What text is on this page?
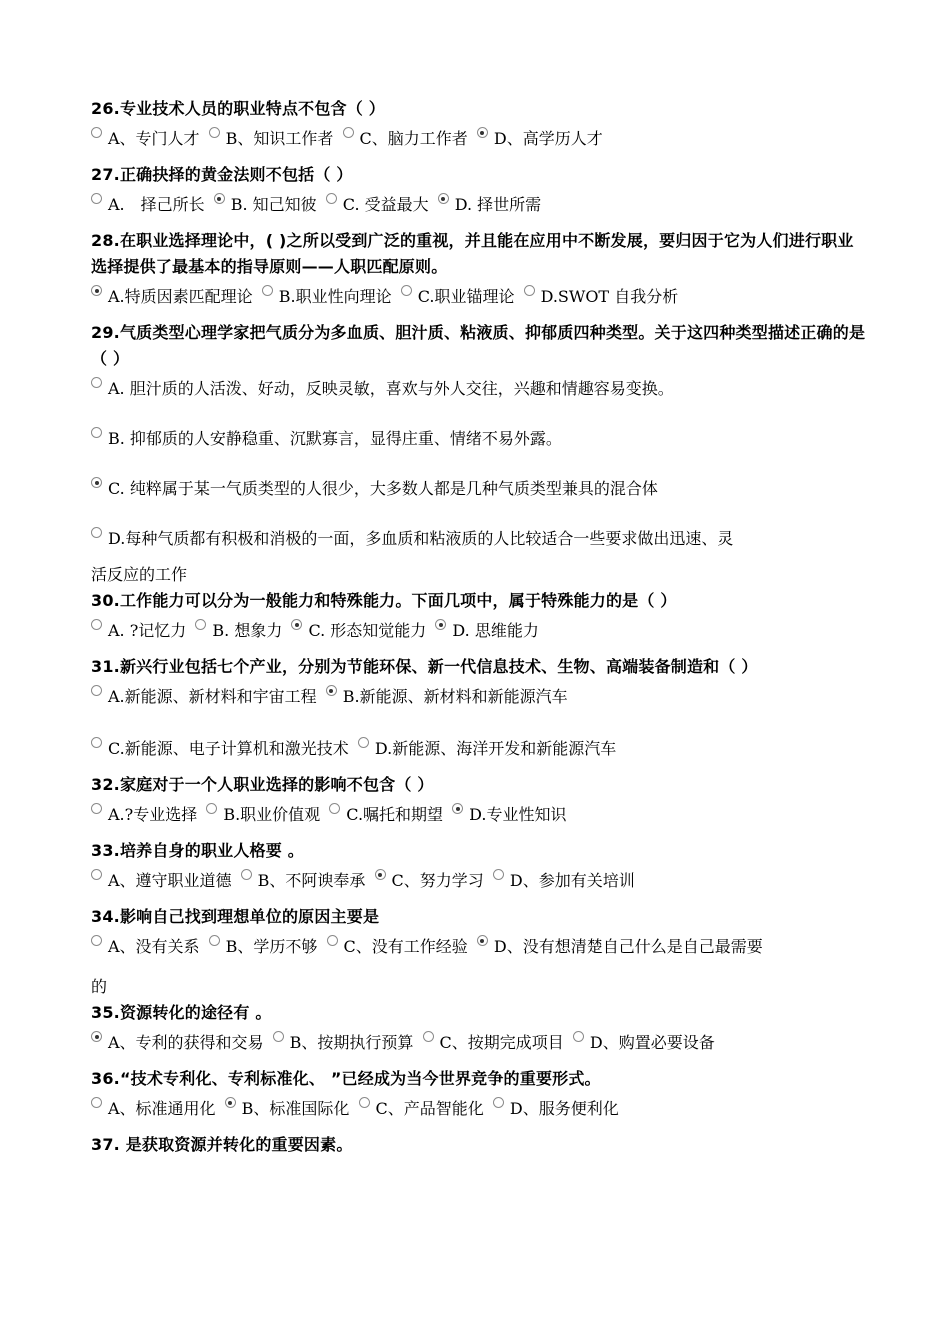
26.专业技术人员的职业特点不包含（ ）

A、专门人才 B、知识工作者 C、脑力工作者 D、高学历人才

27.正确抉择的黄金法则不包括（ ）

A.　择己所长 B. 知己知彼 C. 受益最大 D. 择世所需

28.在职业选择理论中，( )之所以受到广泛的重视，并且能在应用中不断发展，要归因于它为人们进行职业选择提供了最基本的指导原则——人职匹配原则。

A.特质因素匹配理论 B.职业性向理论 C.职业锚理论 D.SWOT 自我分析

29.气质类型心理学家把气质分为多血质、胆汁质、粘液质、抑郁质四种类型。关于这四种类型描述正确的是（ ）

A. 胆汁质的人活泼、好动，反映灵敏，喜欢与外人交往，兴趣和情趣容易变换。
B. 抑郁质的人安静稳重、沉默寡言，显得庄重、情绪不易外露。
C. 纯粹属于某一气质类型的人很少，大多数人都是几种气质类型兼具的混合体
D.每种气质都有积极和消极的一面，多血质和粘液质的人比较适合一些要求做出迅速、灵

活反应的工作

30.工作能力可以分为一般能力和特殊能力。下面几项中，属于特殊能力的是（ ）

A. ?记忆力 B. 想象力 C. 形态知觉能力 D. 思维能力

31.新兴行业包括七个产业，分别为节能环保、新一代信息技术、生物、高端装备制造和（ ）

A.新能源、新材料和宇宙工程 B.新能源、新材料和新能源汽车

C.新能源、电子计算机和激光技术 D.新能源、海洋开发和新能源汽车

32.家庭对于一个人职业选择的影响不包含（ ）

A.?专业选择 B.职业价值观 C.嘱托和期望 D.专业性知识

33.培养自身的职业人格要 。

A、遵守职业道德 B、不阿谀奉承 C、努力学习 D、参加有关培训

34.影响自己找到理想单位的原因主要是

A、没有关系 B、学历不够 C、没有工作经验 D、没有想清楚自己什么是自己最需要

的

35.资源转化的途径有 。

A、专利的获得和交易 B、按期执行预算 C、按期完成项目 D、购置必要设备

36.“技术专利化、专利标准化、 ”已经成为当今世界竞争的重要形式。

A、标准通用化 B、标准国际化 C、产品智能化 D、服务便利化

37. 是获取资源并转化的重要因素。
